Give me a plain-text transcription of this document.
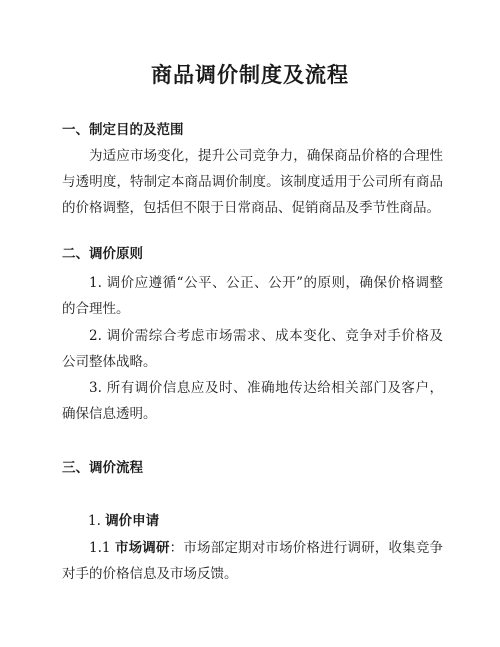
商品调价制度及流程
一、制定目的及范围

为适应市场变化，提升公司竞争力，确保商品价格的合理性与透明度，特制定本商品调价制度。该制度适用于公司所有商品的价格调整，包括但不限于日常商品、促销商品及季节性商品。

二、调价原则

1. 调价应遵循“公平、公正、公开”的原则，确保价格调整的合理性。

2. 调价需综合考虑市场需求、成本变化、竞争对手价格及公司整体战略。

3. 所有调价信息应及时、准确地传达给相关部门及客户，确保信息透明。

三、调价流程
1. 调价申请

1.1 市场调研：市场部定期对市场价格进行调研，收集竞争对手的价格信息及市场反馈。
